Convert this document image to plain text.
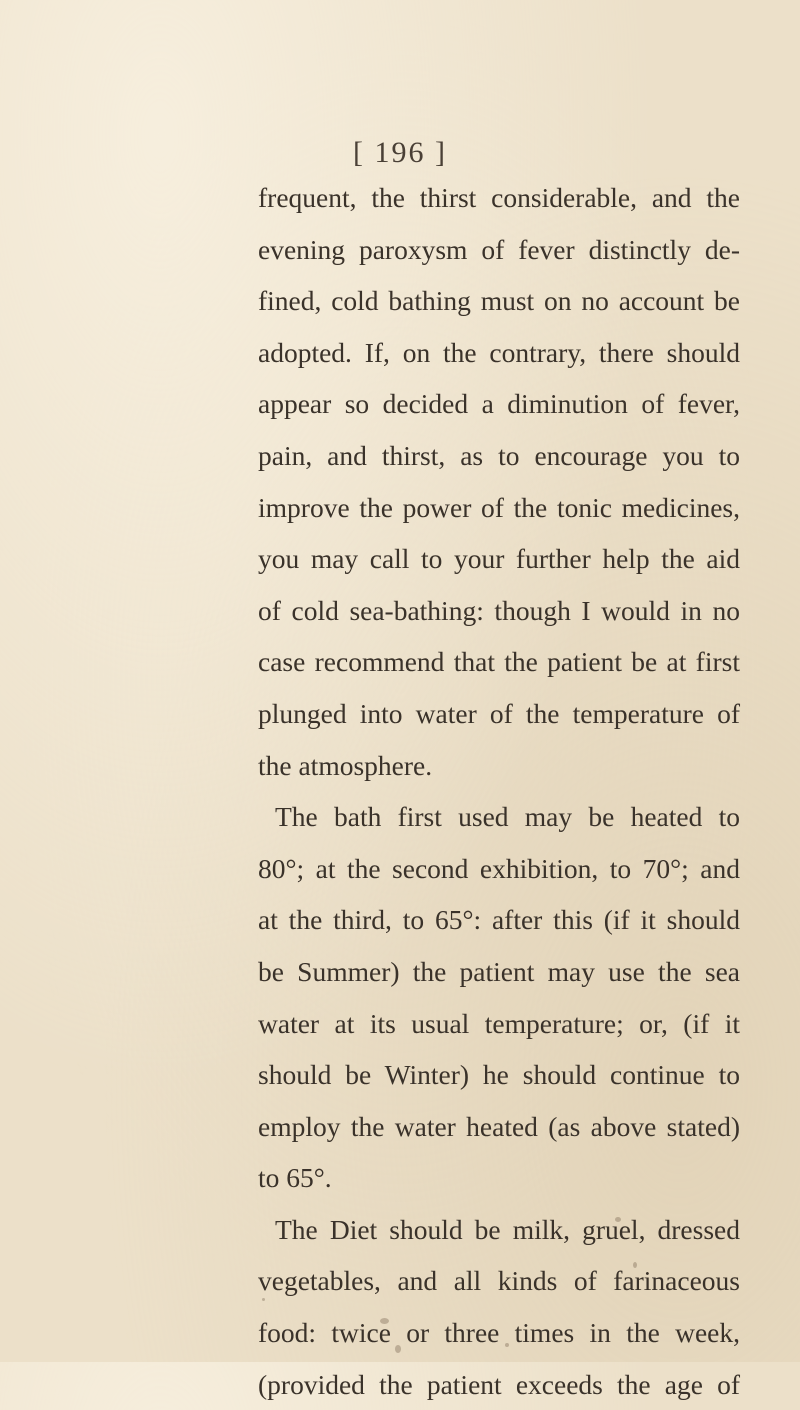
[ 196 ]
frequent, the thirst considerable, and the
evening paroxysm of fever distinctly de-
fined, cold bathing must on no account be
adopted. If, on the contrary, there should
appear so decided a diminution of fever,
pain, and thirst, as to encourage you to
improve the power of the tonic medicines,
you may call to your further help the aid
of cold sea-bathing: though I would in no
case recommend that the patient be at first
plunged into water of the temperature of
the atmosphere.
The bath first used may be heated to
80°; at the second exhibition, to 70°; and
at the third, to 65°: after this (if it should
be Summer) the patient may use the sea
water at its usual temperature; or, (if it
should be Winter) he should continue to
employ the water heated (as above stated)
to 65°.
The Diet should be milk, gruel, dressed
vegetables, and all kinds of farinaceous
food: twice or three times in the week,
(provided the patient exceeds the age of
